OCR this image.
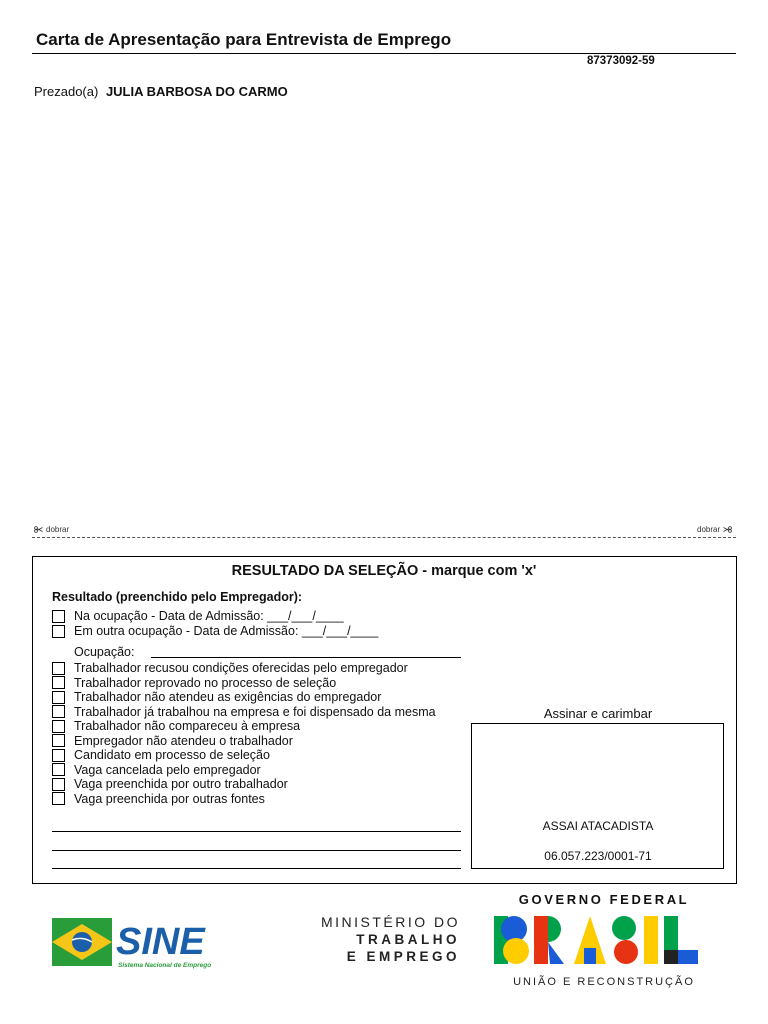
Carta de Apresentação para Entrevista de Emprego
87373092-59
Prezado(a) JULIA BARBOSA DO CARMO
dobrar	dobrar
RESULTADO DA SELEÇÃO - marque com 'x'
Resultado (preenchido pelo Empregador):
Na ocupação - Data de Admissão: ___/___/____
Em outra ocupação - Data de Admissão: ___/___/____
Ocupação:
Trabalhador recusou condições oferecidas pelo empregador
Trabalhador reprovado no processo de seleção
Trabalhador não atendeu as exigências do empregador
Trabalhador já trabalhou na empresa e foi dispensado da mesma
Trabalhador não compareceu à empresa
Empregador não atendeu o trabalhador
Candidato em processo de seleção
Vaga cancelada pelo empregador
Vaga preenchida por outro trabalhador
Vaga preenchida por outras fontes
Assinar e carimbar
ASSAI ATACADISTA
06.057.223/0001-71
SINE
Sistema Nacional de Emprego
MINISTÉRIO DO
TRABALHO
E EMPREGO
GOVERNO FEDERAL
BRASIL
UNIÃO E RECONSTRUÇÃO
